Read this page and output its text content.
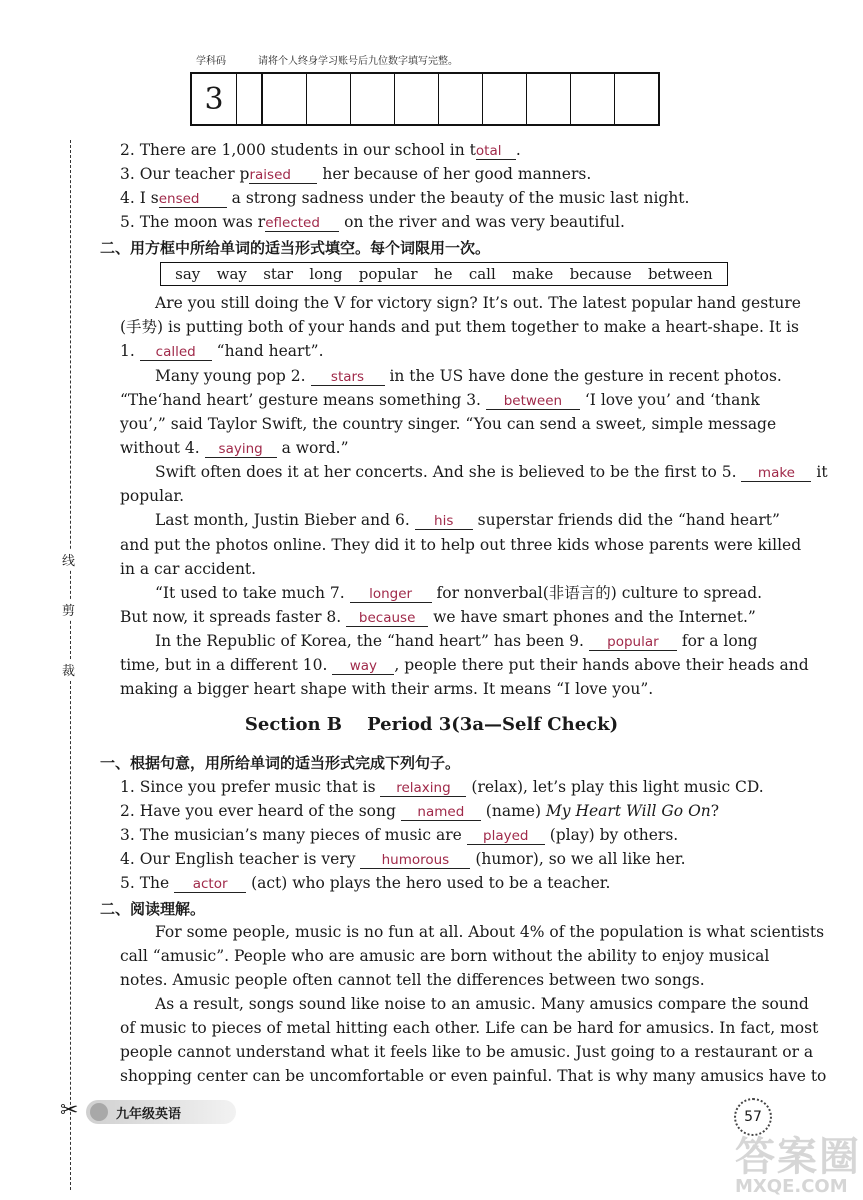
学科码	请将个人终身学习账号后九位数字填写完整。
3
线
剪
裁
2. There are 1,000 students in our school in total .
3. Our teacher praised her because of her good manners.
4. I sensed a strong sadness under the beauty of the music last night.
5. The moon was reflected on the river and was very beautiful.
二、用方框中所给单词的适当形式填空。每个词限用一次。
say way star long popular he call make because between
Are you still doing the V for victory sign? It’s out. The latest popular hand gesture
(手势) is putting both of your hands and put them together to make a heart-shape. It is
1. called “hand heart”.
Many young pop 2. stars in the US have done the gesture in recent photos.
“The‘hand heart’ gesture means something 3. between ‘I love you’ and ‘thank
you’,” said Taylor Swift, the country singer. “You can send a sweet, simple message
without 4. saying a word.”
Swift often does it at her concerts. And she is believed to be the first to 5. make it
popular.
Last month, Justin Bieber and 6. his superstar friends did the “hand heart”
and put the photos online. They did it to help out three kids whose parents were killed
in a car accident.
“It used to take much 7. longer for nonverbal(非语言的) culture to spread.
But now, it spreads faster 8. because we have smart phones and the Internet.”
In the Republic of Korea, the “hand heart” has been 9. popular for a long
time, but in a different 10. way , people there put their hands above their heads and
making a bigger heart shape with their arms. It means “I love you”.
Section B    Period 3(3a—Self Check)
一、根据句意，用所给单词的适当形式完成下列句子。
1. Since you prefer music that is relaxing (relax), let’s play this light music CD.
2. Have you ever heard of the song named (name) My Heart Will Go On?
3. The musician’s many pieces of music are played (play) by others.
4. Our English teacher is very humorous (humor), so we all like her.
5. The actor (act) who plays the hero used to be a teacher.
二、阅读理解。
For some people, music is no fun at all. About 4% of the population is what scientists
call “amusic”. People who are amusic are born without the ability to enjoy musical
notes. Amusic people often cannot tell the differences between two songs.
As a result, songs sound like noise to an amusic. Many amusics compare the sound
of music to pieces of metal hitting each other. Life can be hard for amusics. In fact, most
people cannot understand what it feels like to be amusic. Just going to a restaurant or a
shopping center can be uncomfortable or even painful. That is why many amusics have to
✂	九年级英语	57
答案圈
MXQE.COM
